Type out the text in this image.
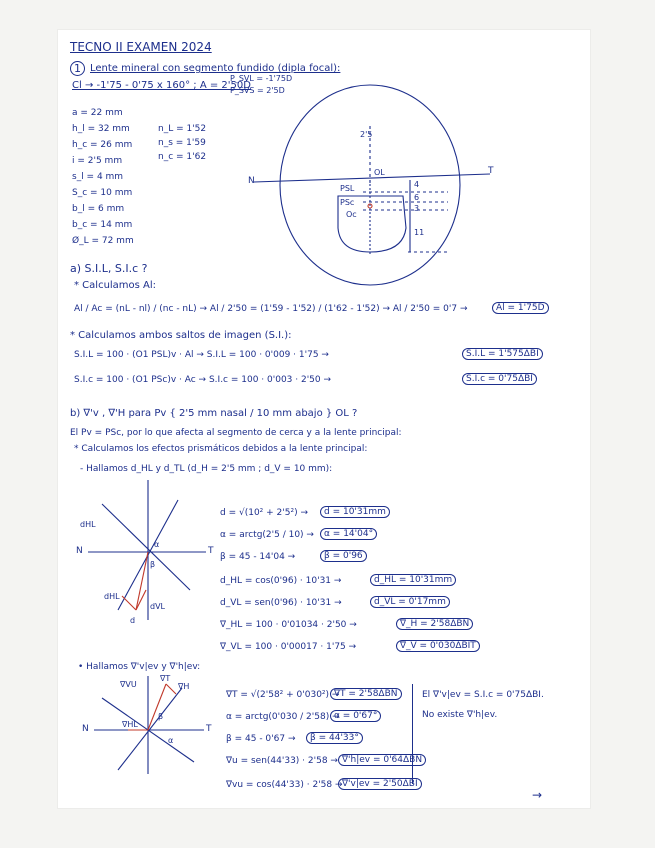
TECNO II EXAMEN 2024
1 Lente mineral con segmento fundido (dipla focal):
Cl → -1'75 - 0'75 x 160° ; A = 2'50D
P_SVL = -1'75D
P_SVS = 2'5D
a = 22 mm
h_l = 32 mm
h_c = 26 mm
i = 2'5 mm
s_l = 4 mm
S_c = 10 mm
b_l = 6 mm
b_c = 14 mm
Ø_L = 72 mm
n_L = 1'52
n_s = 1'59
n_c = 1'62
N
T
OL
PSL
PSc
Oc
2'5
4
6
3
11
a) S.I.L, S.I.c ?
* Calculamos Al:
Al / Ac = (nL - nl) / (nc - nL) → Al / 2'50 = (1'59 - 1'52) / (1'62 - 1'52) → Al / 2'50 = 0'7 →	Al = 1'75D
* Calculamos ambos saltos de imagen (S.I.):
S.I.L = 100 · (O1 PSL)v · Al → S.I.L = 100 · 0'009 · 1'75 →	S.I.L = 1'575ΔBI
S.I.c = 100 · (O1 PSc)v · Ac → S.I.c = 100 · 0'003 · 2'50 →	S.I.c = 0'75ΔBI
b) ∇'v , ∇'H para Pv { 2'5 mm nasal / 10 mm abajo } OL ?
El Pv = PSc, por lo que afecta al segmento de cerca y a la lente principal:
* Calculamos los efectos prismáticos debidos a la lente principal:
- Hallamos d_HL y d_TL (d_H = 2'5 mm ; d_V = 10 mm):
dHL
dHL
dVL
d
N	T
α
β
d = √(10² + 2'5²) →
α = arctg(2'5 / 10) →
β = 45 - 14'04 →
d_HL = cos(0'96) · 10'31 →
d_VL = sen(0'96) · 10'31 →
∇_HL = 100 · 0'01034 · 2'50 →
∇_VL = 100 · 0'00017 · 1'75 →
d = 10'31mm
α = 14'04°
β = 0'96
d_HL = 10'31mm
d_VL = 0'17mm
∇_H = 2'58ΔBN
∇_V = 0'030ΔBIT
• Hallamos ∇'v|ev y ∇'h|ev:
∇VU
∇T
∇H
∇HL
N	T
β
α
∇T = √(2'58² + 0'030²) →
α = arctg(0'030 / 2'58) →
β = 45 - 0'67 →
∇u = sen(44'33) · 2'58 →
∇vu = cos(44'33) · 2'58 →
∇T = 2'58ΔBN
α = 0'67°
β = 44'33°
∇'h|ev = 0'64ΔBN
∇'v|ev = 2'50ΔBI
El ∇'v|ev = S.I.c = 0'75ΔBI.
No existe ∇'h|ev.
→
